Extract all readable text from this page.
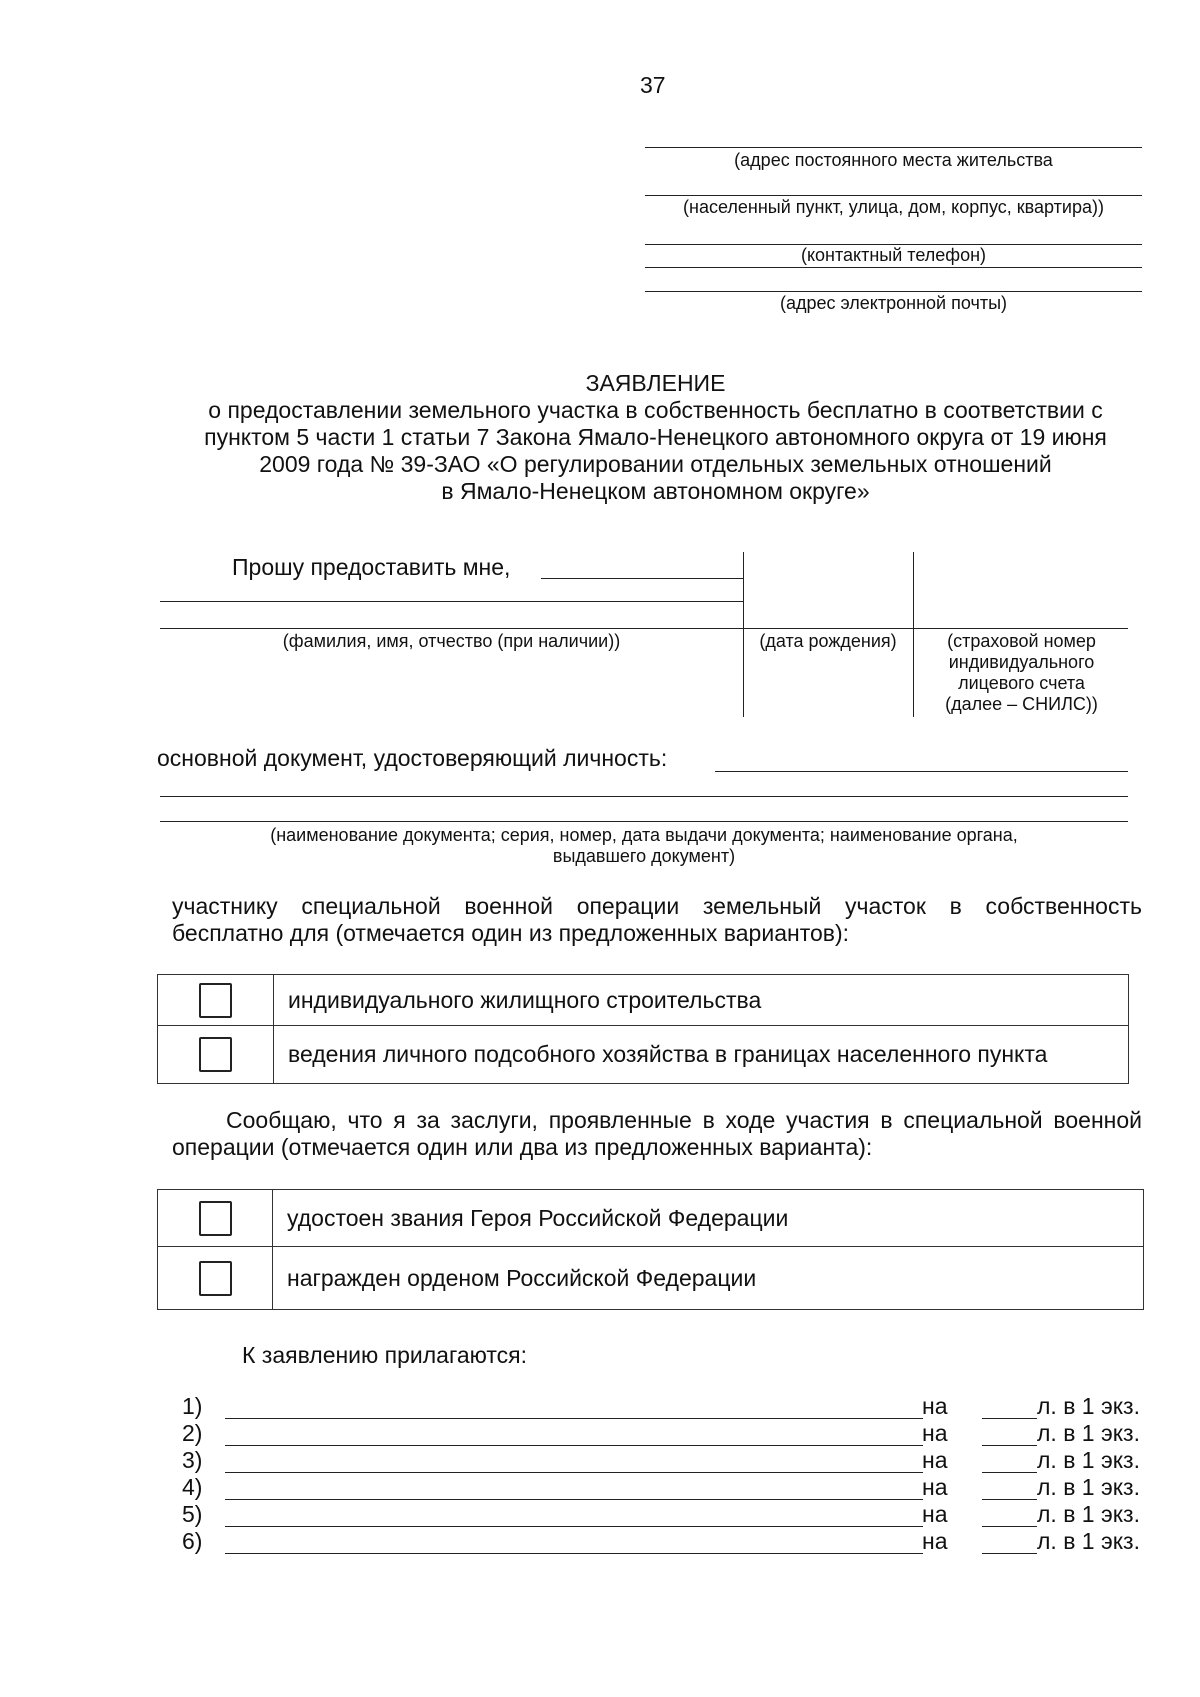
37
(адрес постоянного места жительства
(населенный пункт, улица, дом, корпус, квартира))
(контактный телефон)
(адрес электронной почты)
ЗАЯВЛЕНИЕ
о предоставлении земельного участка в собственность бесплатно в соответствии с
пунктом 5 части 1 статьи 7 Закона Ямало-Ненецкого автономного округа от 19 июня
2009 года № 39-ЗАО «О регулировании отдельных земельных отношений
в Ямало-Ненецком автономном округе»
Прошу предоставить мне,
(фамилия, имя, отчество (при наличии))	(дата рождения)	(страховой номер
индивидуального
лицевого счета
(далее – СНИЛС))
основной документ, удостоверяющий личность:
(наименование документа; серия, номер, дата выдачи документа; наименование органа,
выдавшего документ)
участнику специальной военной операции земельный участок в собственность
бесплатно для (отмечается один из предложенных вариантов):
	индивидуального жилищного строительства
	ведения личного подсобного хозяйства в границах населенного пункта
Сообщаю, что я за заслуги, проявленные в ходе участия в специальной военной
операции (отмечается один или два из предложенных варианта):
	удостоен звания Героя Российской Федерации
	награжден орденом Российской Федерации
К заявлению прилагаются:
1)	на	л. в 1 экз.
2)	на	л. в 1 экз.
3)	на	л. в 1 экз.
4)	на	л. в 1 экз.
5)	на	л. в 1 экз.
6)	на	л. в 1 экз.
